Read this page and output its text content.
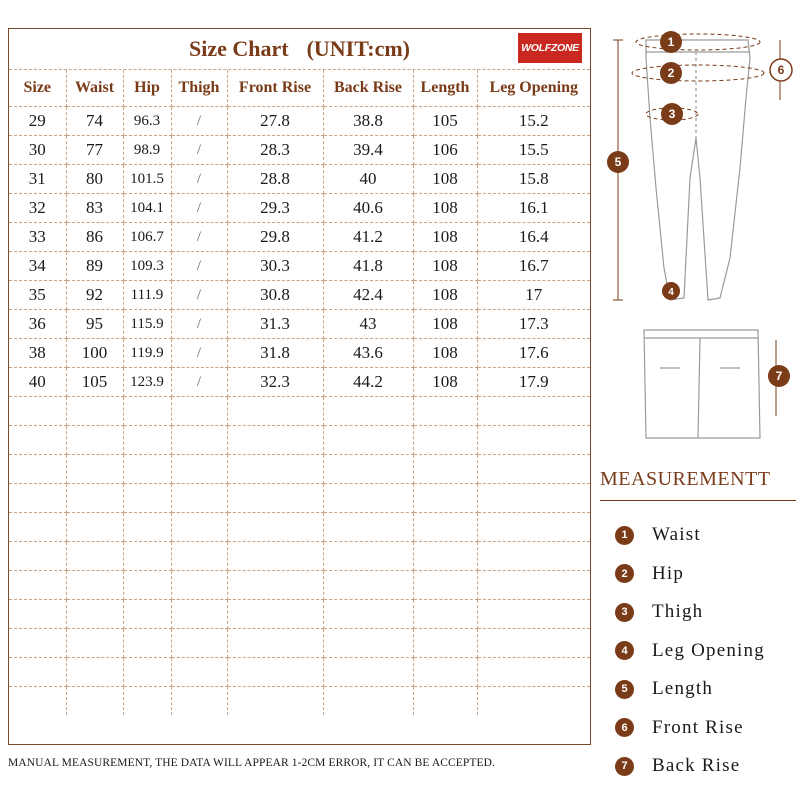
Size Chart (UNIT:cm)	WOLFZONE
Size	Waist	Hip	Thigh	Front Rise	Back Rise	Length	Leg Opening
29	74	96.3	/	27.8	38.8	105	15.2
30	77	98.9	/	28.3	39.4	106	15.5
31	80	101.5	/	28.8	40	108	15.8
32	83	104.1	/	29.3	40.6	108	16.1
33	86	106.7	/	29.8	41.2	108	16.4
34	89	109.3	/	30.3	41.8	108	16.7
35	92	111.9	/	30.8	42.4	108	17
36	95	115.9	/	31.3	43	108	17.3
38	100	119.9	/	31.8	43.6	108	17.6
40	105	123.9	/	32.3	44.2	108	17.9

MANUAL MEASUREMENT, THE DATA WILL APPEAR 1-2CM ERROR, IT CAN BE ACCEPTED.
1
2
3
4
5
6
7
MEASUREMENTT
1	Waist
2	Hip
3	Thigh
4	Leg Opening
5	Length
6	Front Rise
7	Back Rise
